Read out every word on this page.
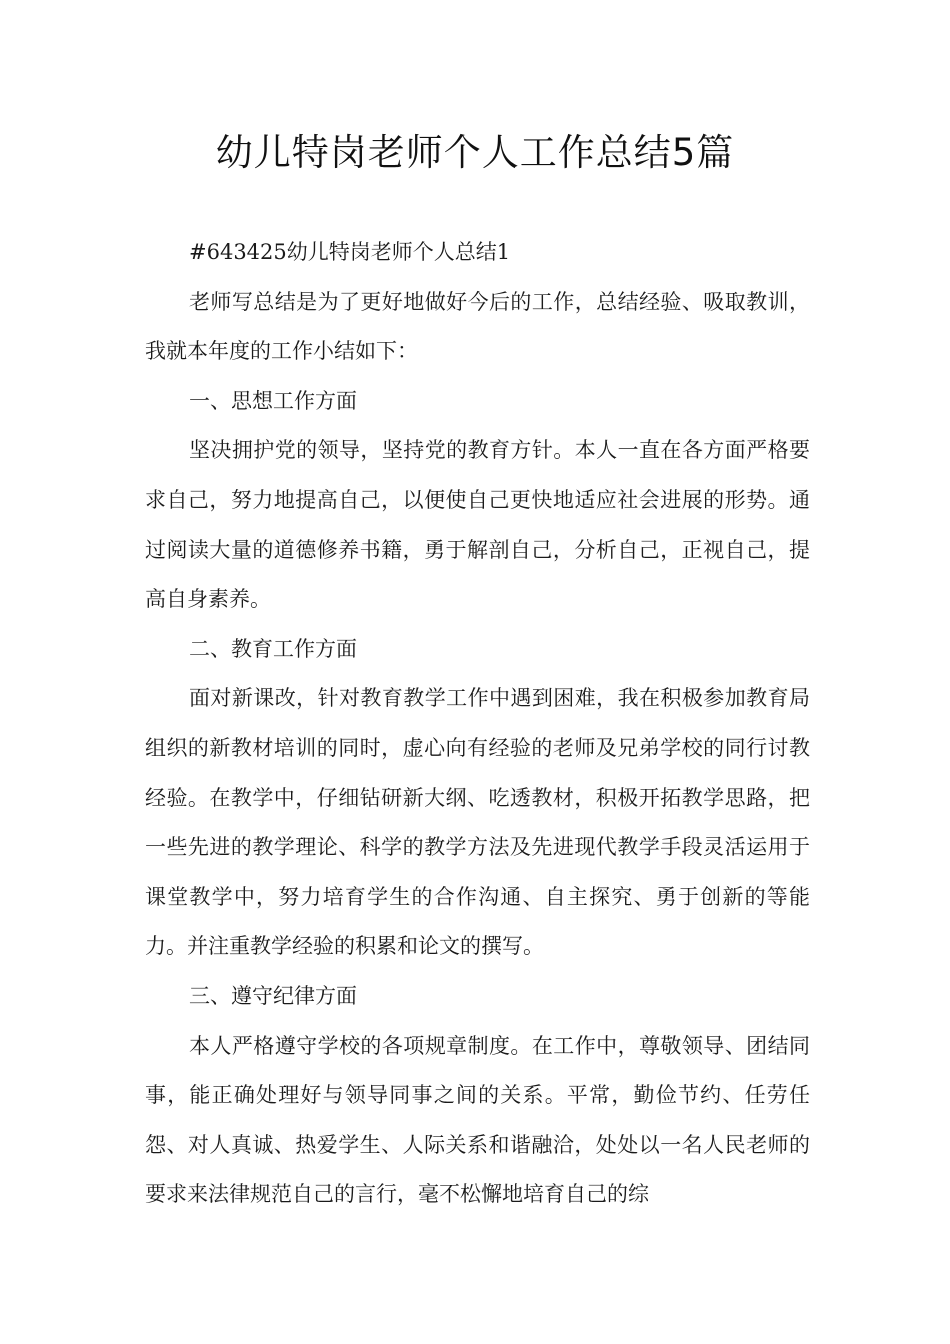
幼儿特岗老师个人工作总结5篇

#643425幼儿特岗老师个人总结1

老师写总结是为了更好地做好今后的工作，总结经验、吸取教训，我就本年度的工作小结如下：

一、思想工作方面

坚决拥护党的领导，坚持党的教育方针。本人一直在各方面严格要求自己，努力地提高自己，以便使自己更快地适应社会进展的形势。通过阅读大量的道德修养书籍，勇于解剖自己，分析自己，正视自己，提高自身素养。

二、教育工作方面

面对新课改，针对教育教学工作中遇到困难，我在积极参加教育局组织的新教材培训的同时，虚心向有经验的老师及兄弟学校的同行讨教经验。在教学中，仔细钻研新大纲、吃透教材，积极开拓教学思路，把一些先进的教学理论、科学的教学方法及先进现代教学手段灵活运用于课堂教学中，努力培育学生的合作沟通、自主探究、勇于创新的等能力。并注重教学经验的积累和论文的撰写。

三、遵守纪律方面

本人严格遵守学校的各项规章制度。在工作中，尊敬领导、团结同事，能正确处理好与领导同事之间的关系。平常，勤俭节约、任劳任怨、对人真诚、热爱学生、人际关系和谐融洽，处处以一名人民老师的要求来法律规范自己的言行，毫不松懈地培育自己的综
